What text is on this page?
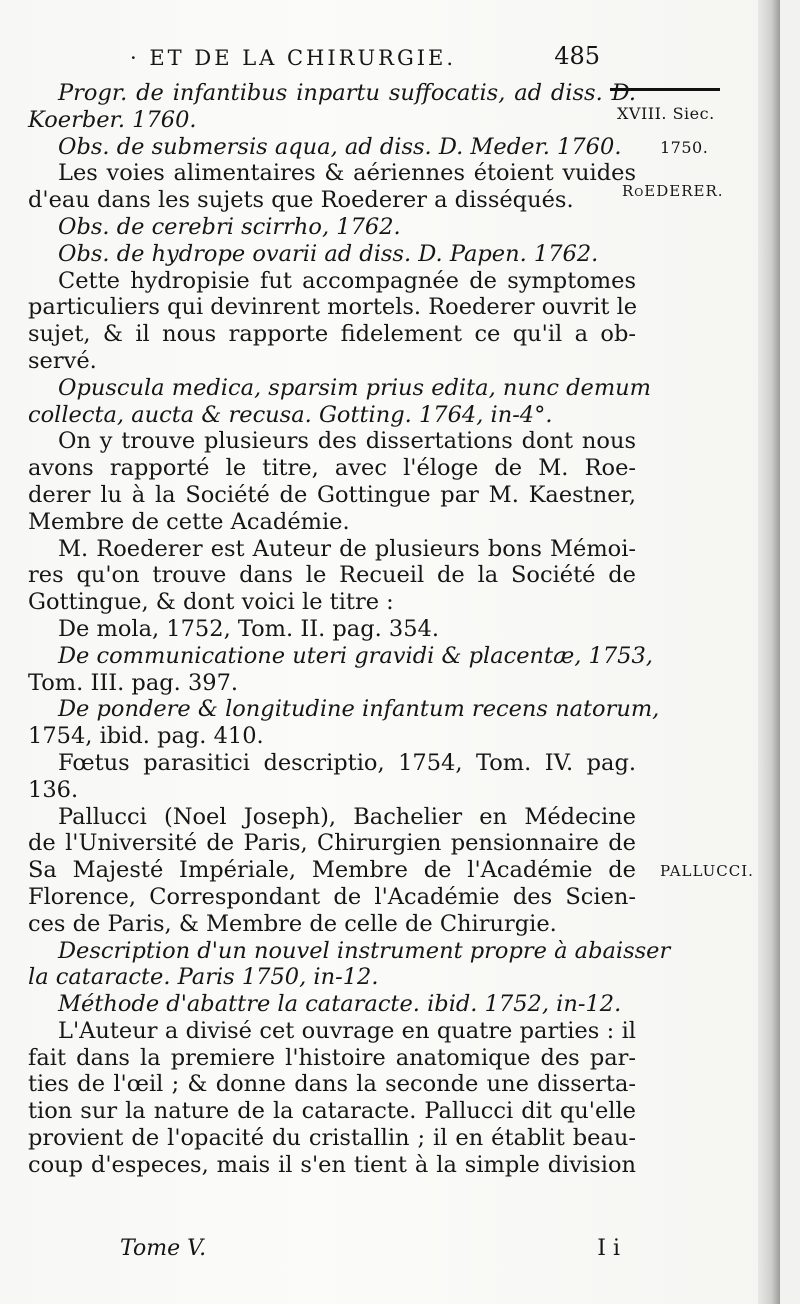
· ET DE LA CHIRURGIE.	485
XVIII. Siec.
1750.
RoEDERER.
PALLUCCI.
Progr. de infantibus inpartu suffocatis, ad diss. D.
Koerber. 1760.
Obs. de submersis aqua, ad diss. D. Meder. 1760.
Les voies alimentaires & aériennes étoient vuides
d'eau dans les sujets que Roederer a disséqués.
Obs. de cerebri scirrho, 1762.
Obs. de hydrope ovarii ad diss. D. Papen. 1762.
Cette hydropisie fut accompagnée de symptomes
particuliers qui devinrent mortels. Roederer ouvrit le
sujet, & il nous rapporte fidelement ce qu'il a ob-
servé.
Opuscula medica, sparsim prius edita, nunc demum
collecta, aucta & recusa. Gotting. 1764, in-4°.
On y trouve plusieurs des dissertations dont nous
avons rapporté le titre, avec l'éloge de M. Roe-
derer lu à la Société de Gottingue par M. Kaestner,
Membre de cette Académie.
M. Roederer est Auteur de plusieurs bons Mémoi-
res qu'on trouve dans le Recueil de la Société de
Gottingue, & dont voici le titre :
De mola, 1752, Tom. II. pag. 354.
De communicatione uteri gravidi & placentæ, 1753,
Tom. III. pag. 397.
De pondere & longitudine infantum recens natorum,
1754, ibid. pag. 410.
Fœtus parasitici descriptio, 1754, Tom. IV. pag.
136.
Pallucci (Noel Joseph), Bachelier en Médecine
de l'Université de Paris, Chirurgien pensionnaire de
Sa Majesté Impériale, Membre de l'Académie de
Florence, Correspondant de l'Académie des Scien-
ces de Paris, & Membre de celle de Chirurgie.
Description d'un nouvel instrument propre à abaisser
la cataracte. Paris 1750, in-12.
Méthode d'abattre la cataracte. ibid. 1752, in-12.
L'Auteur a divisé cet ouvrage en quatre parties : il
fait dans la premiere l'histoire anatomique des par-
ties de l'œil ; & donne dans la seconde une disserta-
tion sur la nature de la cataracte. Pallucci dit qu'elle
provient de l'opacité du cristallin ; il en établit beau-
coup d'especes, mais il s'en tient à la simple division
Tome V.	I i
